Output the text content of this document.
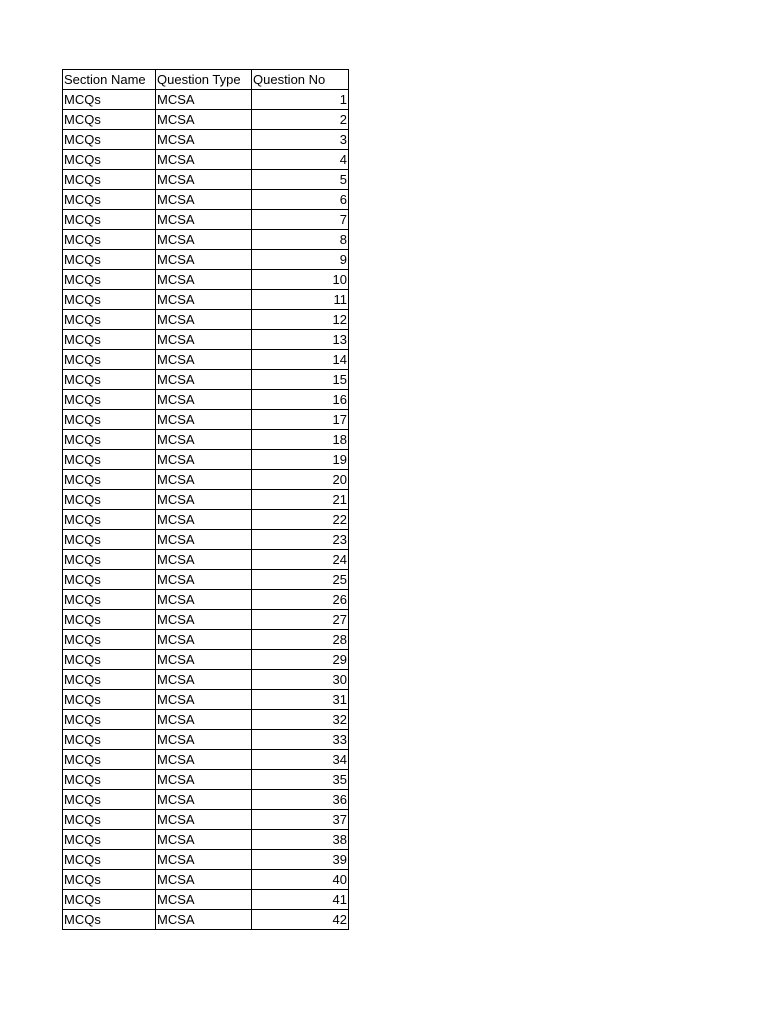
Section Name	Question Type	Question No
MCQs	MCSA	1
MCQs	MCSA	2
MCQs	MCSA	3
MCQs	MCSA	4
MCQs	MCSA	5
MCQs	MCSA	6
MCQs	MCSA	7
MCQs	MCSA	8
MCQs	MCSA	9
MCQs	MCSA	10
MCQs	MCSA	11
MCQs	MCSA	12
MCQs	MCSA	13
MCQs	MCSA	14
MCQs	MCSA	15
MCQs	MCSA	16
MCQs	MCSA	17
MCQs	MCSA	18
MCQs	MCSA	19
MCQs	MCSA	20
MCQs	MCSA	21
MCQs	MCSA	22
MCQs	MCSA	23
MCQs	MCSA	24
MCQs	MCSA	25
MCQs	MCSA	26
MCQs	MCSA	27
MCQs	MCSA	28
MCQs	MCSA	29
MCQs	MCSA	30
MCQs	MCSA	31
MCQs	MCSA	32
MCQs	MCSA	33
MCQs	MCSA	34
MCQs	MCSA	35
MCQs	MCSA	36
MCQs	MCSA	37
MCQs	MCSA	38
MCQs	MCSA	39
MCQs	MCSA	40
MCQs	MCSA	41
MCQs	MCSA	42
